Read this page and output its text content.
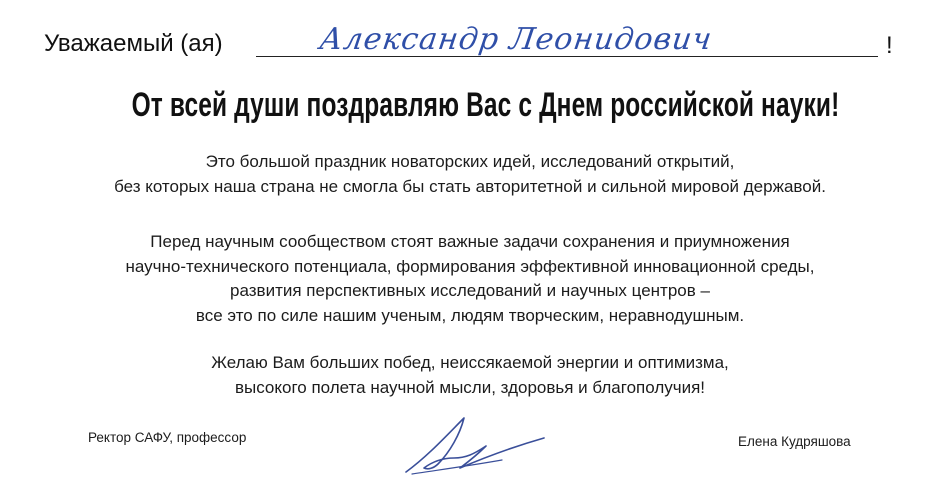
Уважаемый (ая)	Александр Леонидович	!
От всей души поздравляю Вас с Днем российской науки!
Это большой праздник новаторских идей, исследований открытий,
без которых наша страна не смогла бы стать авторитетной и сильной мировой державой.
Перед научным сообществом стоят важные задачи сохранения и приумножения
научно-технического потенциала, формирования эффективной инновационной среды,
развития перспективных исследований и научных центров –
все это по силе нашим ученым, людям творческим, неравнодушным.
Желаю Вам больших побед, неиссякаемой энергии и оптимизма,
высокого полета научной мысли, здоровья и благополучия!
Ректор САФУ, профессор	Елена Кудряшова
